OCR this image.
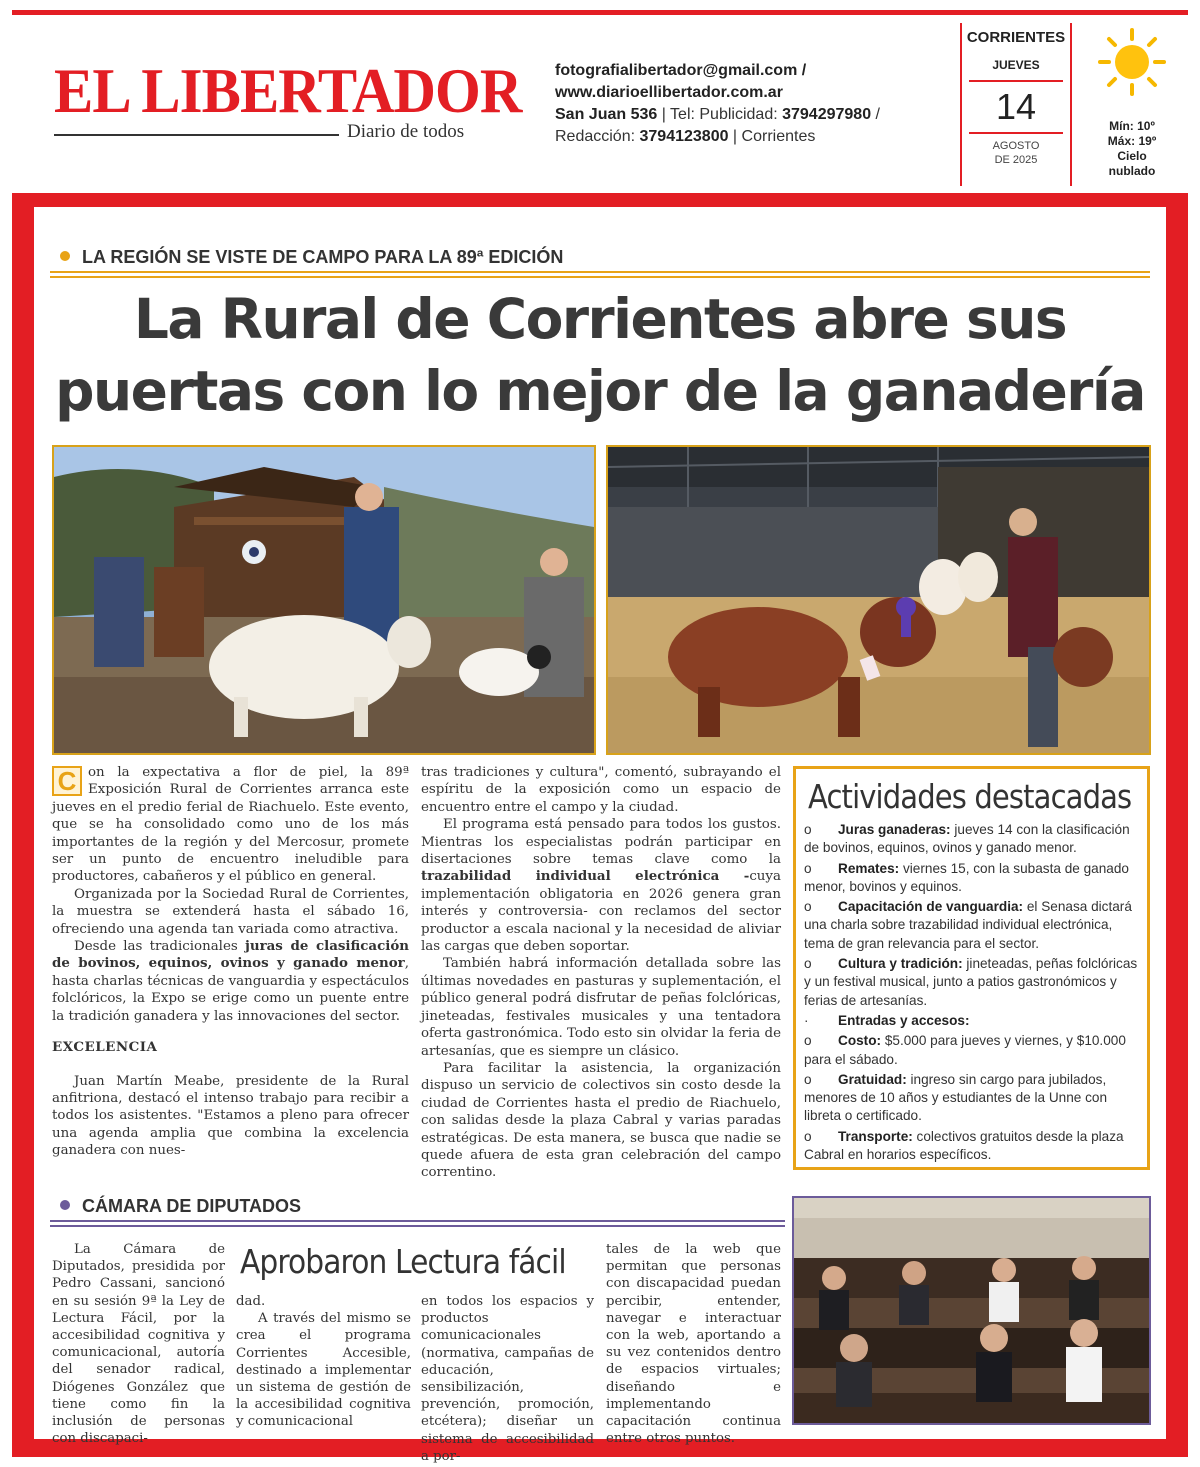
EL LIBERTADOR
Diario de todos
fotografialibertador@gmail.com /
www.diarioellibertador.com.ar
San Juan 536 | Tel: Publicidad: 3794297980 /
Redacción: 3794123800 | Corrientes
CORRIENTES
JUEVES
14
AGOSTO
DE 2025
Mín: 10º
Máx: 19º
Cielo
nublado
LA REGIÓN SE VISTE DE CAMPO PARA LA 89ª EDICIÓN
La Rural de Corrientes abre sus puertas con lo mejor de la ganadería

C on la expectativa a flor de piel, la 89ª Exposición Rural de Corrientes arranca este jueves en el predio ferial de Riachuelo. Este evento, que se ha consolidado como uno de los más importantes de la región y del Mercosur, promete ser un punto de encuentro ineludible para productores, cabañeros y el público en general.

Organizada por la Sociedad Rural de Corrientes, la muestra se extenderá hasta el sábado 16, ofreciendo una agenda tan variada como atractiva.

Desde las tradicionales juras de clasificación de bovinos, equinos, ovinos y ganado menor, hasta charlas técnicas de vanguardia y espectáculos folclóricos, la Expo se erige como un puente entre la tradición ganadera y las innovaciones del sector.

EXCELENCIA

Juan Martín Meabe, presidente de la Rural anfitriona, destacó el intenso trabajo para recibir a todos los asistentes. "Estamos a pleno para ofrecer una agenda amplia que combina la excelencia ganadera con nues-

tras tradiciones y cultura", comentó, subrayando el espíritu de la exposición como un espacio de encuentro entre el campo y la ciudad.

El programa está pensado para todos los gustos. Mientras los especialistas podrán participar en disertaciones sobre temas clave como la trazabilidad individual electrónica -cuya implementación obligatoria en 2026 genera gran interés y controversia- con reclamos del sector productor a escala nacional y la necesidad de aliviar las cargas que deben soportar.

También habrá información detallada sobre las últimas novedades en pasturas y suplementación, el público general podrá disfrutar de peñas folclóricas, jineteadas, festivales musicales y una tentadora oferta gastronómica. Todo esto sin olvidar la feria de artesanías, que es siempre un clásico.

Para facilitar la asistencia, la organización dispuso un servicio de colectivos sin costo desde la ciudad de Corrientes hasta el predio de Riachuelo, con salidas desde la plaza Cabral y varias paradas estratégicas. De esta manera, se busca que nadie se quede afuera de esta gran celebración del campo correntino.

Actividades destacadas
o Juras ganaderas: jueves 14 con la clasificación de bovinos, equinos, ovinos y ganado menor.
o Remates: viernes 15, con la subasta de ganado menor, bovinos y equinos.
o Capacitación de vanguardia: el Senasa dictará una charla sobre trazabilidad individual electrónica, tema de gran relevancia para el sector.
o Cultura y tradición: jineteadas, peñas folclóricas y un festival musical, junto a patios gastronómicos y ferias de artesanías.
· Entradas y accesos:
o Costo: $5.000 para jueves y viernes, y $10.000 para el sábado.
o Gratuidad: ingreso sin cargo para jubilados, menores de 10 años y estudiantes de la Unne con libreta o certificado.
o Transporte: colectivos gratuitos desde la plaza Cabral en horarios específicos.
CÁMARA DE DIPUTADOS
Aprobaron Lectura fácil

La Cámara de Diputados, presidida por Pedro Cassani, sancionó en su sesión 9ª la Ley de Lectura Fácil, por la accesibilidad cognitiva y comunicacional, autoría del senador radical, Diógenes González que tiene como fin la inclusión de personas con discapaci-

dad.

A través del mismo se crea el programa Corrientes Accesible, destinado a implementar un sistema de gestión de la accesibilidad cognitiva y comunicacional

en todos los espacios y productos comunicacionales (normativa, campañas de educación, sensibilización, prevención, promoción, etcétera); diseñar un sistema de accesibilidad a por-

tales de la web que permitan que personas con discapacidad puedan percibir, entender, navegar e interactuar con la web, aportando a su vez contenidos dentro de espacios virtuales; diseñando e implementando capacitación continua entre otros puntos.
